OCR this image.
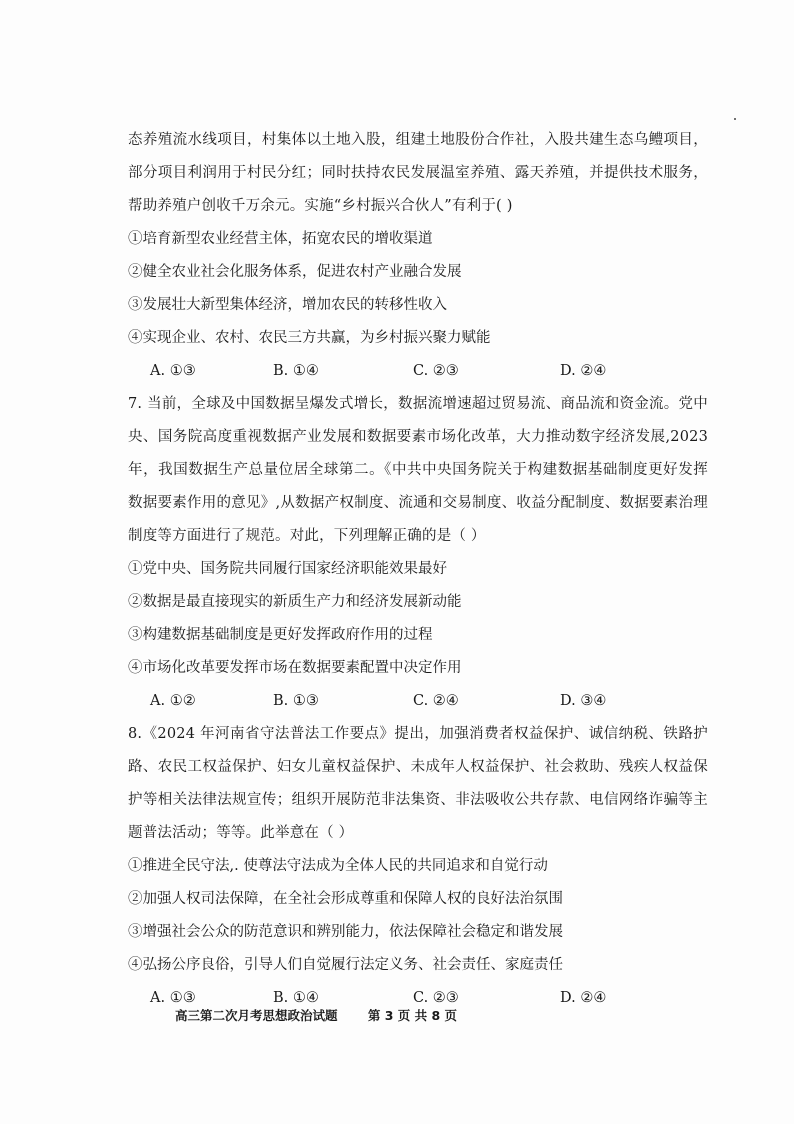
态养殖流水线项目，村集体以土地入股，组建土地股份合作社，入股共建生态乌鳢项目，部分项目利润用于村民分红；同时扶持农民发展温室养殖、露天养殖，并提供技术服务，帮助养殖户创收千万余元。实施“乡村振兴合伙人”有利于( )

①培育新型农业经营主体，拓宽农民的增收渠道

②健全农业社会化服务体系，促进农村产业融合发展

③发展壮大新型集体经济，增加农民的转移性收入

④实现企业、农村、农民三方共赢，为乡村振兴聚力赋能

A. ①③	B. ①④	C. ②③	D. ②④

7. 当前，全球及中国数据呈爆发式增长，数据流增速超过贸易流、商品流和资金流。党中央、国务院高度重视数据产业发展和数据要素市场化改革，大力推动数字经济发展,2023 年，我国数据生产总量位居全球第二。《中共中央国务院关于构建数据基础制度更好发挥数据要素作用的意见》,从数据产权制度、流通和交易制度、收益分配制度、数据要素治理制度等方面进行了规范。对此，下列理解正确的是（ ）

①党中央、国务院共同履行国家经济职能效果最好

②数据是最直接现实的新质生产力和经济发展新动能

③构建数据基础制度是更好发挥政府作用的过程

④市场化改革要发挥市场在数据要素配置中决定作用

A. ①②	B. ①③	C. ②④	D. ③④

8.《2024 年河南省守法普法工作要点》提出，加强消费者权益保护、诚信纳税、铁路护路、农民工权益保护、妇女儿童权益保护、未成年人权益保护、社会救助、残疾人权益保护等相关法律法规宣传；组织开展防范非法集资、非法吸收公共存款、电信网络诈骗等主题普法活动；等等。此举意在（ ）

①推进全民守法,. 使尊法守法成为全体人民的共同追求和自觉行动

②加强人权司法保障，在全社会形成尊重和保障人权的良好法治氛围

③增强社会公众的防范意识和辨别能力，依法保障社会稳定和谐发展

④弘扬公序良俗，引导人们自觉履行法定义务、社会责任、家庭责任

A. ①③	B. ①④	C. ②③	D. ②④
高三第二次月考思想政治试题 第 3 页 共 8 页
